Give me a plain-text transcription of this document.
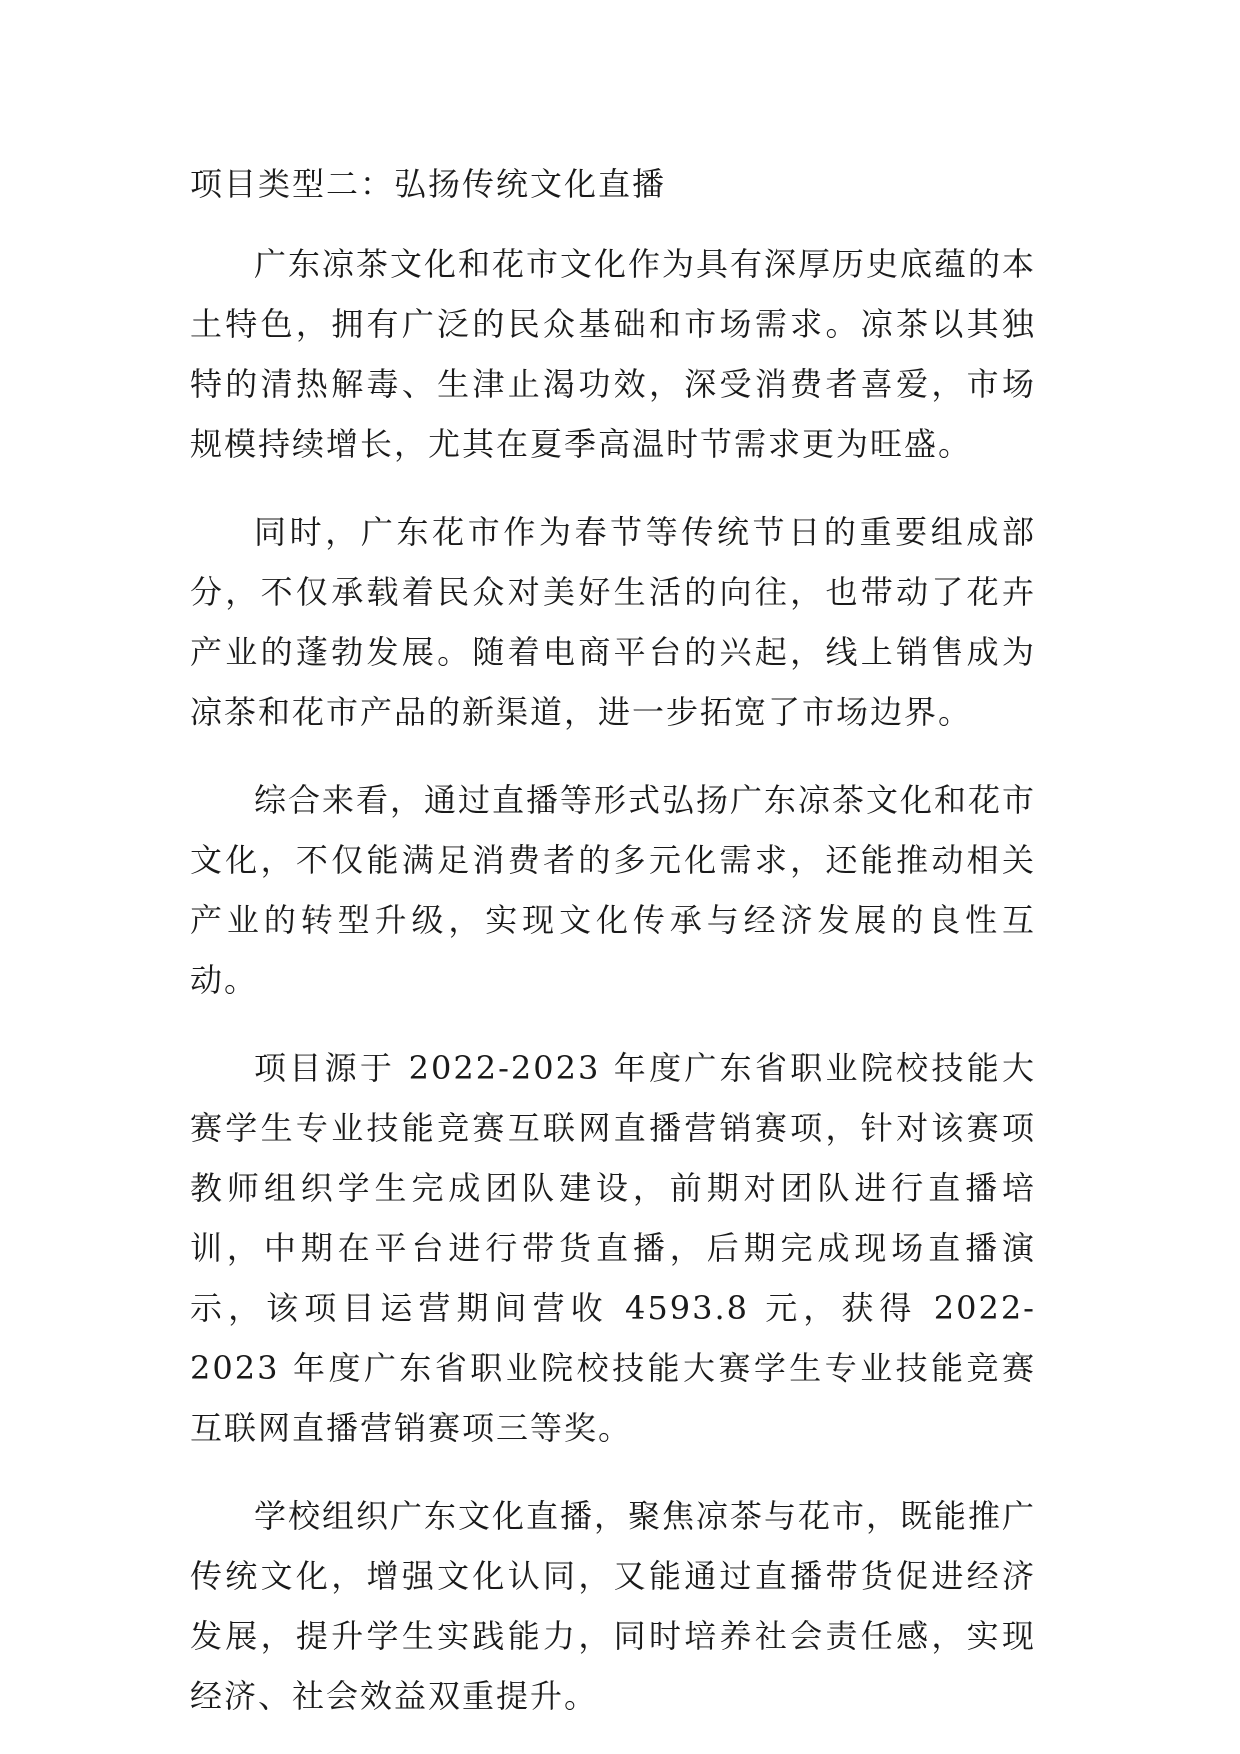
项目类型二：弘扬传统文化直播

广东凉茶文化和花市文化作为具有深厚历史底蕴的本土特色，拥有广泛的民众基础和市场需求。凉茶以其独特的清热解毒、生津止渴功效，深受消费者喜爱，市场规模持续增长，尤其在夏季高温时节需求更为旺盛。

同时，广东花市作为春节等传统节日的重要组成部分，不仅承载着民众对美好生活的向往，也带动了花卉产业的蓬勃发展。随着电商平台的兴起，线上销售成为凉茶和花市产品的新渠道，进一步拓宽了市场边界。

综合来看，通过直播等形式弘扬广东凉茶文化和花市文化，不仅能满足消费者的多元化需求，还能推动相关产业的转型升级，实现文化传承与经济发展的良性互动。

项目源于 2022-2023 年度广东省职业院校技能大赛学生专业技能竞赛互联网直播营销赛项，针对该赛项教师组织学生完成团队建设，前期对团队进行直播培训，中期在平台进行带货直播，后期完成现场直播演示，该项目运营期间营收 4593.8 元，获得 2022-2023 年度广东省职业院校技能大赛学生专业技能竞赛互联网直播营销赛项三等奖。

学校组织广东文化直播，聚焦凉茶与花市，既能推广传统文化，增强文化认同，又能通过直播带货促进经济发展，提升学生实践能力，同时培养社会责任感，实现经济、社会效益双重提升。
